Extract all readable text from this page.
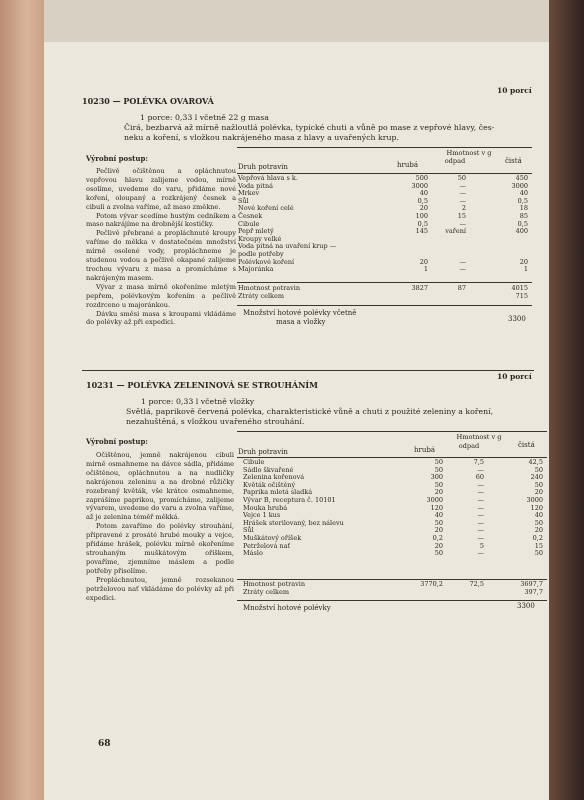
10 porcí
10230 — POLÉVKA OVAROVÁ
1 porce: 0,33 l včetně 22 g masa
Čirá, bezbarvá až mírně nažloutlá polévka, typické chuti a vůně po mase z vepřové hlavy, čes-
neku a koření, s vložkou nakrájeného masa z hlavy a uvařených krup.
Výrobní postup:

Pečlivě očištěnou a opláchnutou vepřovou hlavu zalijeme vodou, mírně osolíme, uvedeme do varu, přidáme nové koření, oloupaný a rozkrájený česnek a cibuli a zvolna vaříme, až maso změkne.

Potom vývar scedíme hustým cedníkem a maso nakrájíme na drobnější kostičky.

Pečlivě přebrané a propláchnuté kroupy vaříme do měkka v dostatečném množství mírně osolené vody, propláchneme je studenou vodou a pečlivě okapané zalijeme trochou vývaru z masa a promícháme s nakrájeným masem.

Vývar z masa mírně okořeníme mletým pepřem, polévkovým kořením a pečlivě rozdrceno u majoránkou.

Dávku směsi masa s kroupami vkládáme do polévky až při expedici.

Hmotnost v g
odpad
Druh potravin	hrubá	čistá
Vepřová hlava s k.	500	50	450
Voda pitná	3000	—	3000
Mrkev	40	—	40
Sůl	0,5	—	0,5
Nové koření celé	20	2	18
Česnek	100	15	85
Cibule	0,5	—	0,5
Pepř mletý	145	vaření	400
Kroupy velké			
Voda pitná na uvaření krup —			
podle potřeby			
Polévkové koření	20	—	20
Majoránka	1	—	1
Hmotnost potravin	3827	87	4015
Ztráty celkem			715
Množství hotové polévky včetně
masa a vložky	3300
10 porcí
10231 — POLÉVKA ZELENINOVÁ SE STROUHÁNÍM
1 porce: 0,33 l včetně vložky
Světlá, paprikově červená polévka, charakteristické vůně a chuti z použité zeleniny a koření,
nezahuštěná, s vložkou uvařeného strouhání.
Výrobní postup:

Očištěnou, jemně nakrájenou cibuli mírně osmahneme na dávce sádla, přidáme očištěnou, opláchnutou a na nudličky nakrájenou zeleninu a na drobné růžičky rozebraný květák, vše krátce osmahneme, zaprášíme paprikou, promícháme, zalijeme vývarem, uvedeme do varu a zvolna vaříme, až je zelenina téměř měkká.

Potom zavaříme do polévky strouhání, připravené z prosáté hrubé mouky a vejce, přidáme hrášek, polévku mírně okořeníme strouhaným muškátovým oříškem, povaříme, zjemníme máslem a podle potřeby přisolíme.

Propláchnutou, jemně rozsekanou petrželovou nať vkládáme do polévky až při expedici.

Hmotnost v g
odpad
Druh potravin	hrubá
čistá
Cibule	50	7,5	42,5
Sádlo škvařené	50	—	50
Zelenina kořenová	300	60	240
Květák očištěný	50	—	50
Paprika mletá sladká	20	—	20
Vývar B, receptura č. 10101	3000	—	3000
Mouka hrubá	120	—	120
Vejce 1 kus	40	—	40
Hrášek sterilovaný, bez nálevu	50	—	50
Sůl	20	—	20
Muškátový oříšek	0,2	—	0,2
Petrželová nať	20	5	15
Máslo	50	—	50
Hmotnost potravin	3770,2	72,5	3697,7
Ztráty celkem			397,7
Množství hotové polévky	3300
68
